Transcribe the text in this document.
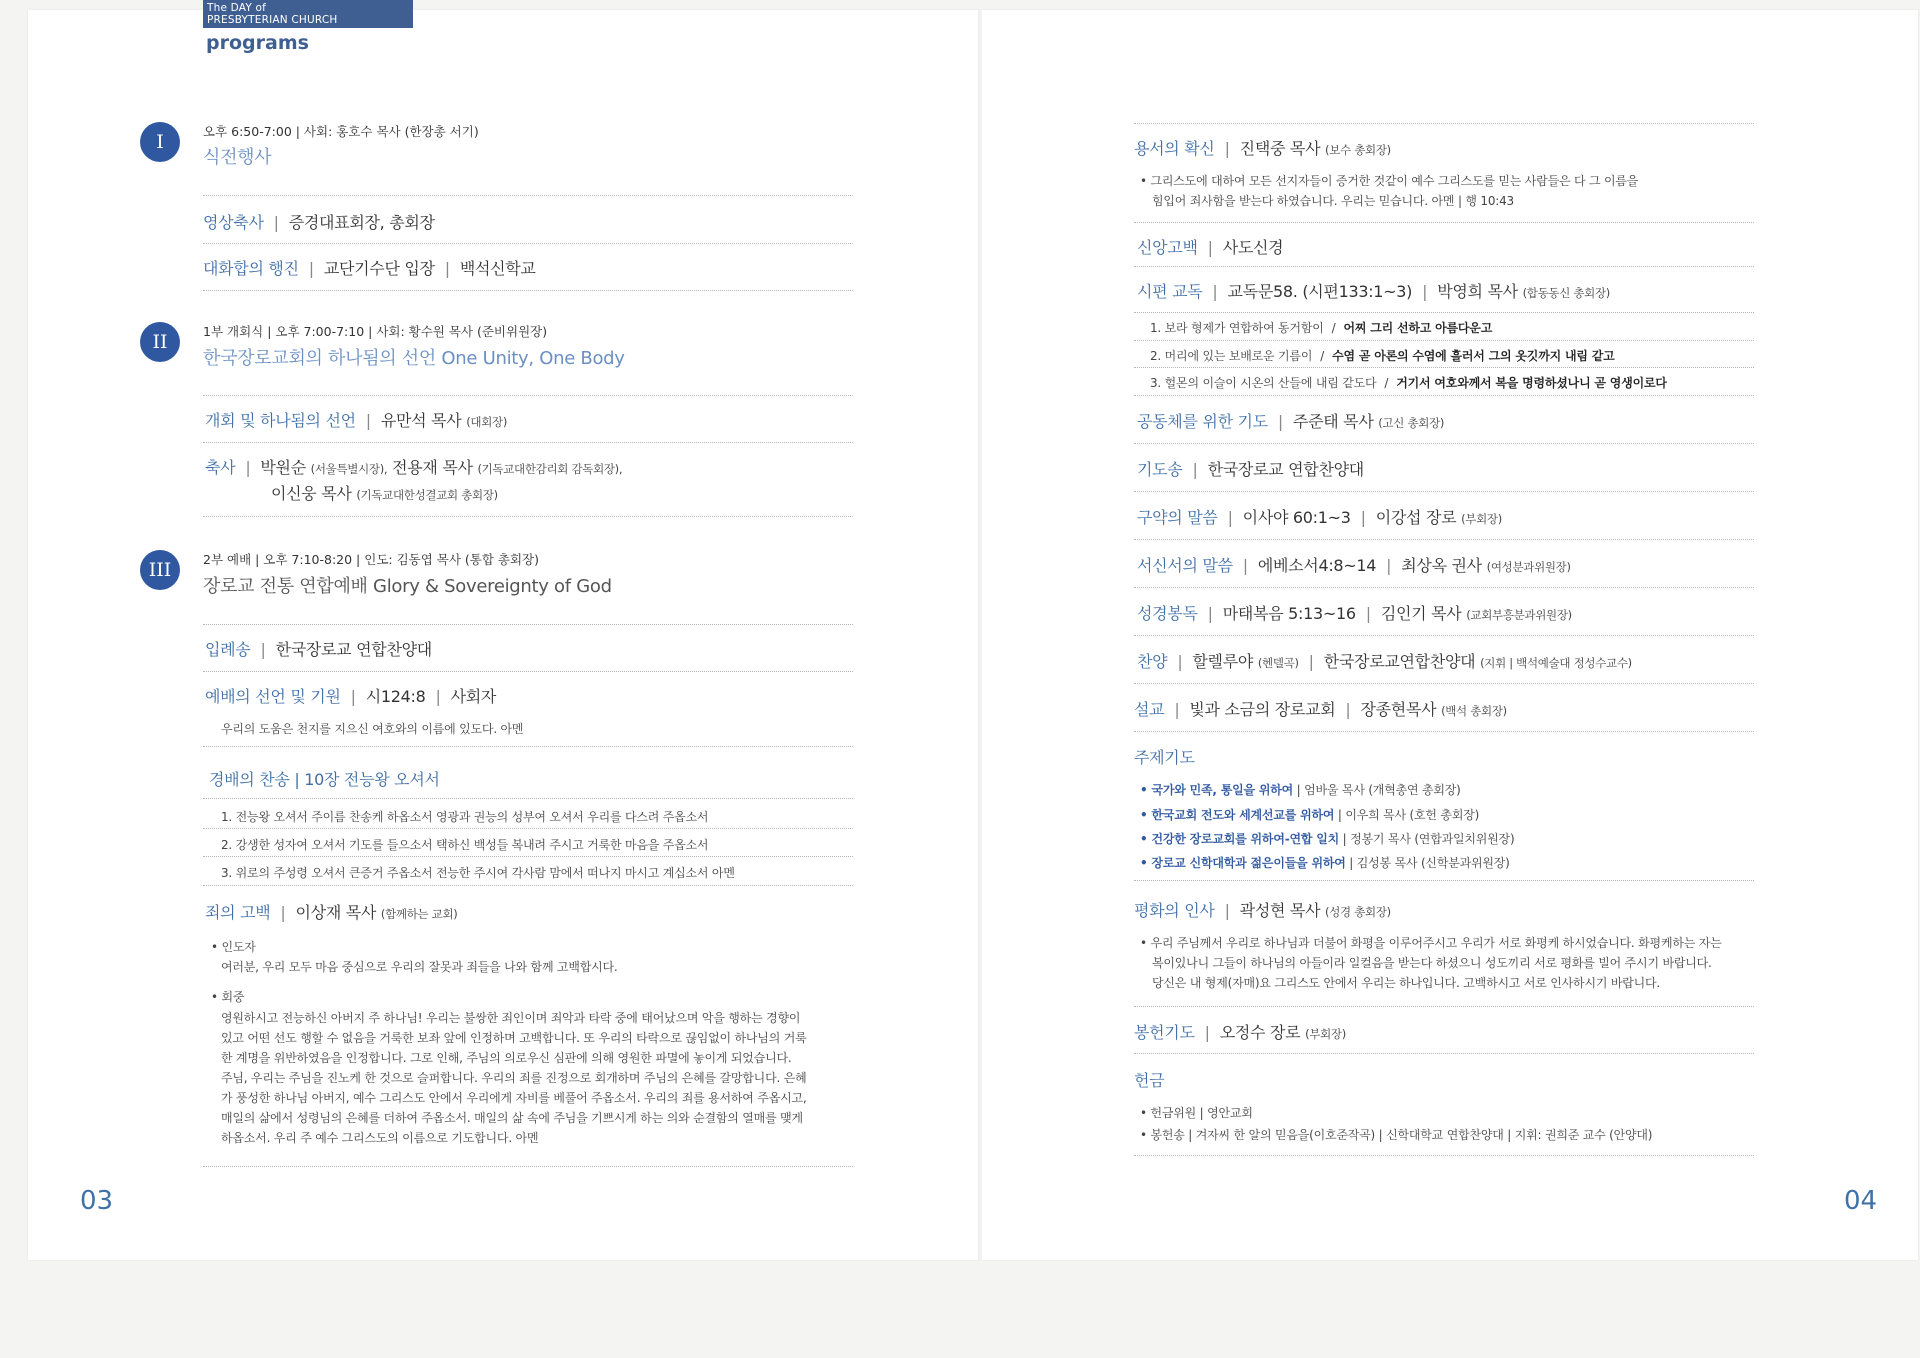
The DAY of
PRESBYTERIAN CHURCH
programs
I	오후 6:50-7:00 | 사회: 홍호수 목사 (한장총 서기)
식전행사
영상축사 | 증경대표회장, 총회장
대화합의 행진 | 교단기수단 입장 | 백석신학교
II	1부 개회식 | 오후 7:00-7:10 | 사회: 황수원 목사 (준비위원장)
한국장로교회의 하나됨의 선언 One Unity, One Body
개회 및 하나됨의 선언 | 유만석 목사 (대회장)
축사 | 박원순 (서울특별시장), 전용재 목사 (기독교대한감리회 감독회장),
이신웅 목사 (기독교대한성결교회 총회장)
III	2부 예배 | 오후 7:10-8:20 | 인도: 김동엽 목사 (통합 총회장)
장로교 전통 연합예배 Glory & Sovereignty of God
입례송 | 한국장로교 연합찬양대
예배의 선언 및 기원 | 시124:8 | 사회자
우리의 도움은 천지를 지으신 여호와의 이름에 있도다. 아멘
경배의 찬송 | 10장 전능왕 오셔서
1. 전능왕 오셔서 주이름 찬송케 하옵소서 영광과 권능의 성부여 오셔서 우리를 다스려 주옵소서
2. 강생한 성자여 오셔서 기도를 들으소서 택하신 백성들 복내려 주시고 거룩한 마음을 주옵소서
3. 위로의 주성령 오셔서 큰증거 주옵소서 전능한 주시여 각사람 맘에서 떠나지 마시고 계십소서 아멘
죄의 고백 | 이상재 목사 (함께하는 교회)
• 인도자
여러분, 우리 모두 마음 중심으로 우리의 잘못과 죄들을 나와 함께 고백합시다.
• 회중
영원하시고 전능하신 아버지 주 하나님! 우리는 불쌍한 죄인이며 죄악과 타락 중에 태어났으며 악을 행하는 경향이
있고 어떤 선도 행할 수 없음을 거룩한 보좌 앞에 인정하며 고백합니다. 또 우리의 타락으로 끊임없이 하나님의 거룩
한 계명을 위반하였음을 인정합니다. 그로 인해, 주님의 의로우신 심판에 의해 영원한 파멸에 놓이게 되었습니다.
주님, 우리는 주님을 진노케 한 것으로 슬퍼합니다. 우리의 죄를 진정으로 회개하며 주님의 은혜를 갈망합니다. 은혜
가 풍성한 하나님 아버지, 예수 그리스도 안에서 우리에게 자비를 베풀어 주옵소서. 우리의 죄를 용서하여 주옵시고,
매일의 삶에서 성령님의 은혜를 더하여 주옵소서. 매일의 삶 속에 주님을 기쁘시게 하는 의와 순결함의 열매를 맺게
하옵소서. 우리 주 예수 그리스도의 이름으로 기도합니다. 아멘
03
용서의 확신 | 진택중 목사 (보수 총회장)
• 그리스도에 대하여 모든 선지자들이 증거한 것같이 예수 그리스도를 믿는 사람들은 다 그 이름을
힘입어 죄사함을 받는다 하였습니다. 우리는 믿습니다. 아멘 | 행 10:43
신앙고백 | 사도신경
시편 교독 | 교독문58. (시편133:1~3) | 박영희 목사 (합동동신 총회장)
1. 보라 형제가 연합하여 동거함이 / 어찌 그리 선하고 아름다운고
2. 머리에 있는 보배로운 기름이 / 수염 곧 아론의 수염에 흘러서 그의 옷깃까지 내림 같고
3. 헐몬의 이슬이 시온의 산들에 내림 같도다 / 거기서 여호와께서 복을 명령하셨나니 곧 영생이로다
공동체를 위한 기도 | 주준태 목사 (고신 총회장)
기도송 | 한국장로교 연합찬양대
구약의 말씀 | 이사야 60:1~3 | 이강섭 장로 (부회장)
서신서의 말씀 | 에베소서4:8~14 | 최상옥 권사 (여성분과위원장)
성경봉독 | 마태복음 5:13~16 | 김인기 목사 (교회부흥분과위원장)
찬양 | 할렐루야 (헨델곡) | 한국장로교연합찬양대 (지휘 | 백석예술대 정성수교수)
설교 | 빛과 소금의 장로교회 | 장종현목사 (백석 총회장)
주제기도
• 국가와 민족, 통일을 위하여 | 엄바울 목사 (개혁총연 총회장)
• 한국교회 전도와 세계선교를 위하여 | 이우희 목사 (호헌 총회장)
• 건강한 장로교회를 위하여-연합 일치 | 정봉기 목사 (연합과일치위원장)
• 장로교 신학대학과 젊은이들을 위하여 | 김성봉 목사 (신학분과위원장)
평화의 인사 | 곽성현 목사 (성경 총회장)
• 우리 주님께서 우리로 하나님과 더불어 화평을 이루어주시고 우리가 서로 화평케 하시었습니다. 화평케하는 자는
복이있나니 그들이 하나님의 아들이라 일컬음을 받는다 하셨으니 성도끼리 서로 평화를 빌어 주시기 바랍니다.
당신은 내 형제(자매)요 그리스도 안에서 우리는 하나입니다. 고백하시고 서로 인사하시기 바랍니다.
봉헌기도 | 오정수 장로 (부회장)
헌금
• 헌금위원 | 영안교회
• 봉헌송 | 겨자씨 한 알의 믿음을(이호준작곡) | 신학대학교 연합찬양대 | 지휘: 권희준 교수 (안양대)
04
